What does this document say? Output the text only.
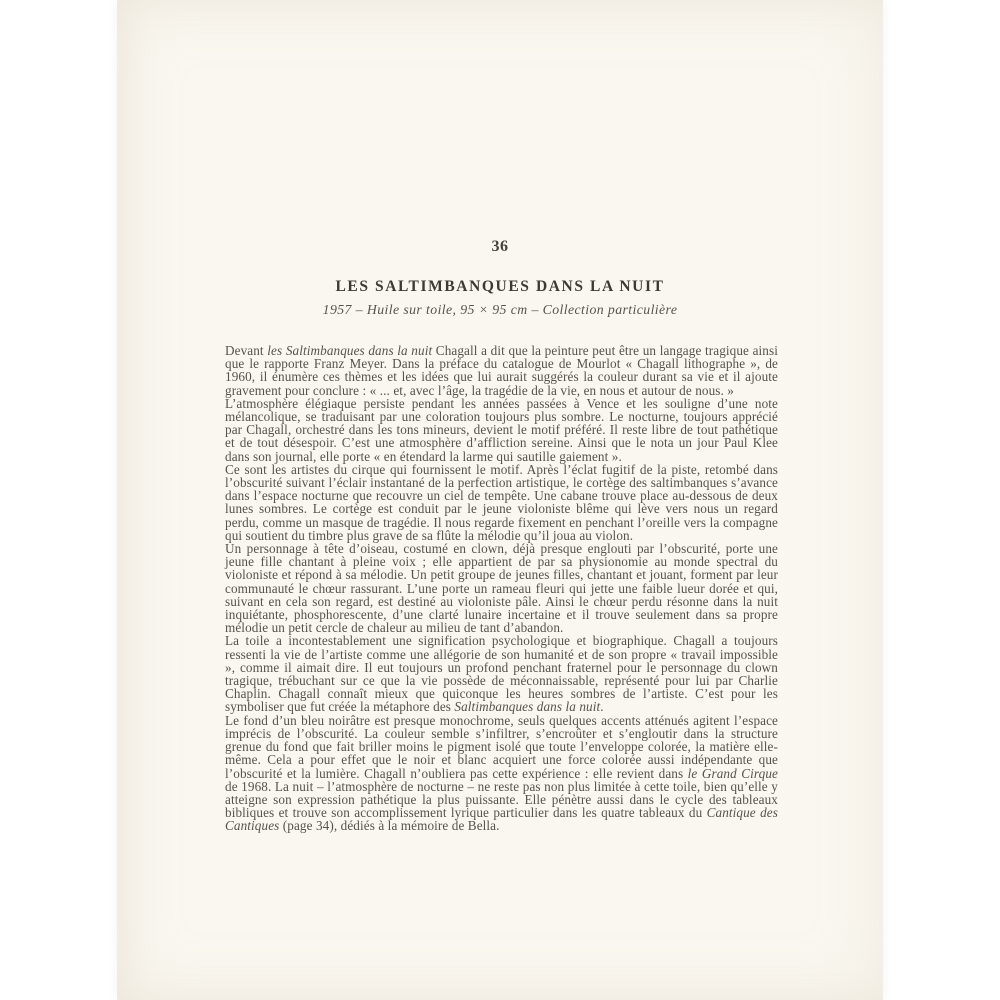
36
LES SALTIMBANQUES DANS LA NUIT
1957 – Huile sur toile, 95 × 95 cm – Collection particulière

Devant les Saltimbanques dans la nuit Chagall a dit que la peinture peut être un langage tragique ainsi que le rapporte Franz Meyer. Dans la préface du catalogue de Mourlot « Chagall lithographe », de 1960, il énumère ces thèmes et les idées que lui aurait suggérés la couleur durant sa vie et il ajoute gravement pour conclure : « ... et, avec l’âge, la tragédie de la vie, en nous et autour de nous. »

L’atmosphère élégiaque persiste pendant les années passées à Vence et les souligne d’une note mélancolique, se traduisant par une coloration toujours plus sombre. Le nocturne, toujours apprécié par Chagall, orchestré dans les tons mineurs, devient le motif préféré. Il reste libre de tout pathétique et de tout désespoir. C’est une atmosphère d’affliction sereine. Ainsi que le nota un jour Paul Klee dans son journal, elle porte « en étendard la larme qui sautille gaiement ».

Ce sont les artistes du cirque qui fournissent le motif. Après l’éclat fugitif de la piste, retombé dans l’obscurité suivant l’éclair instantané de la perfection artistique, le cortège des saltimbanques s’avance dans l’espace nocturne que recouvre un ciel de tempête. Une cabane trouve place au-dessous de deux lunes sombres. Le cortège est conduit par le jeune violoniste blême qui lève vers nous un regard perdu, comme un masque de tragédie. Il nous regarde fixement en penchant l’oreille vers la compagne qui soutient du timbre plus grave de sa flûte la mélodie qu’il joua au violon.

Un personnage à tête d’oiseau, costumé en clown, déjà presque englouti par l’obscurité, porte une jeune fille chantant à pleine voix ; elle appartient de par sa physionomie au monde spectral du violoniste et répond à sa mélodie. Un petit groupe de jeunes filles, chantant et jouant, forment par leur communauté le chœur rassurant. L’une porte un rameau fleuri qui jette une faible lueur dorée et qui, suivant en cela son regard, est destiné au violoniste pâle. Ainsi le chœur perdu résonne dans la nuit inquiétante, phosphorescente, d’une clarté lunaire incertaine et il trouve seulement dans sa propre mélodie un petit cercle de chaleur au milieu de tant d’abandon.

La toile a incontestablement une signification psychologique et biographique. Chagall a toujours ressenti la vie de l’artiste comme une allégorie de son humanité et de son propre « travail impossible », comme il aimait dire. Il eut toujours un profond penchant fraternel pour le personnage du clown tragique, trébuchant sur ce que la vie possède de méconnaissable, représenté pour lui par Charlie Chaplin. Chagall connaît mieux que quiconque les heures sombres de l’artiste. C’est pour les symboliser que fut créée la métaphore des Saltimbanques dans la nuit.

Le fond d’un bleu noirâtre est presque monochrome, seuls quelques accents atténués agitent l’espace imprécis de l’obscurité. La couleur semble s’infiltrer, s’encroûter et s’engloutir dans la structure grenue du fond que fait briller moins le pigment isolé que toute l’enveloppe colorée, la matière elle-même. Cela a pour effet que le noir et blanc acquiert une force colorée aussi indépendante que l’obscurité et la lumière. Chagall n’oubliera pas cette expérience : elle revient dans le Grand Cirque de 1968. La nuit – l’atmosphère de nocturne – ne reste pas non plus limitée à cette toile, bien qu’elle y atteigne son expression pathétique la plus puissante. Elle pénètre aussi dans le cycle des tableaux bibliques et trouve son accomplissement lyrique particulier dans les quatre tableaux du Cantique des Cantiques (page 34), dédiés à la mémoire de Bella.
